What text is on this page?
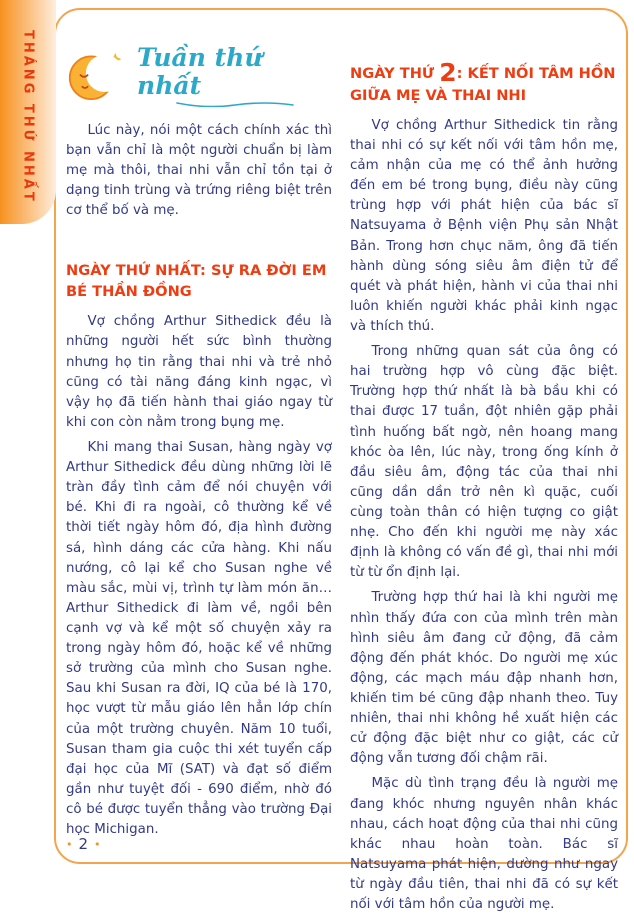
THÁNG THỨ NHẤT	Tuần thứ nhất

Lúc này, nói một cách chính xác thì bạn vẫn chỉ là một người chuẩn bị làm mẹ mà thôi, thai nhi vẫn chỉ tồn tại ở dạng tinh trùng và trứng riêng biệt trên cơ thể bố và mẹ.

NGÀY THỨ NHẤT: SỰ RA ĐỜI EM BÉ THẦN ĐỒNG

Vợ chồng Arthur Sithedick đều là những người hết sức bình thường nhưng họ tin rằng thai nhi và trẻ nhỏ cũng có tài năng đáng kinh ngạc, vì vậy họ đã tiến hành thai giáo ngay từ khi con còn nằm trong bụng mẹ.

Khi mang thai Susan, hàng ngày vợ Arthur Sithedick đều dùng những lời lẽ tràn đầy tình cảm để nói chuyện với bé. Khi đi ra ngoài, cô thường kể về thời tiết ngày hôm đó, địa hình đường sá, hình dáng các cửa hàng. Khi nấu nướng, cô lại kể cho Susan nghe về màu sắc, mùi vị, trình tự làm món ăn… Arthur Sithedick đi làm về, ngồi bên cạnh vợ và kể một số chuyện xảy ra trong ngày hôm đó, hoặc kể về những sở trường của mình cho Susan nghe. Sau khi Susan ra đời, IQ của bé là 170, học vượt từ mẫu giáo lên hẳn lớp chín của một trường chuyên. Năm 10 tuổi, Susan tham gia cuộc thi xét tuyển cấp đại học của Mĩ (SAT) và đạt số điểm gần như tuyệt đối - 690 điểm, nhờ đó cô bé được tuyển thẳng vào trường Đại học Michigan.

NGÀY THỨ 2: KẾT NỐI TÂM HỒN GIỮA MẸ VÀ THAI NHI

Vợ chồng Arthur Sithedick tin rằng thai nhi có sự kết nối với tâm hồn mẹ, cảm nhận của mẹ có thể ảnh hưởng đến em bé trong bụng, điều này cũng trùng hợp với phát hiện của bác sĩ Natsuyama ở Bệnh viện Phụ sản Nhật Bản. Trong hơn chục năm, ông đã tiến hành dùng sóng siêu âm điện tử để quét và phát hiện, hành vi của thai nhi luôn khiến người khác phải kinh ngạc và thích thú.

Trong những quan sát của ông có hai trường hợp vô cùng đặc biệt. Trường hợp thứ nhất là bà bầu khi có thai được 17 tuần, đột nhiên gặp phải tình huống bất ngờ, nên hoang mang khóc òa lên, lúc này, trong ống kính ở đầu siêu âm, động tác của thai nhi cũng dần dần trở nên kì quặc, cuối cùng toàn thân có hiện tượng co giật nhẹ. Cho đến khi người mẹ này xác định là không có vấn đề gì, thai nhi mới từ từ ổn định lại.

Trường hợp thứ hai là khi người mẹ nhìn thấy đứa con của mình trên màn hình siêu âm đang cử động, đã cảm động đến phát khóc. Do người mẹ xúc động, các mạch máu đập nhanh hơn, khiến tim bé cũng đập nhanh theo. Tuy nhiên, thai nhi không hề xuất hiện các cử động đặc biệt như co giật, các cử động vẫn tương đối chậm rãi.

Mặc dù tình trạng đều là người mẹ đang khóc nhưng nguyên nhân khác nhau, cách hoạt động của thai nhi cũng khác nhau hoàn toàn. Bác sĩ Natsuyama phát hiện, dường như ngay từ ngày đầu tiên, thai nhi đã có sự kết nối với tâm hồn của người mẹ.

• 2 •
